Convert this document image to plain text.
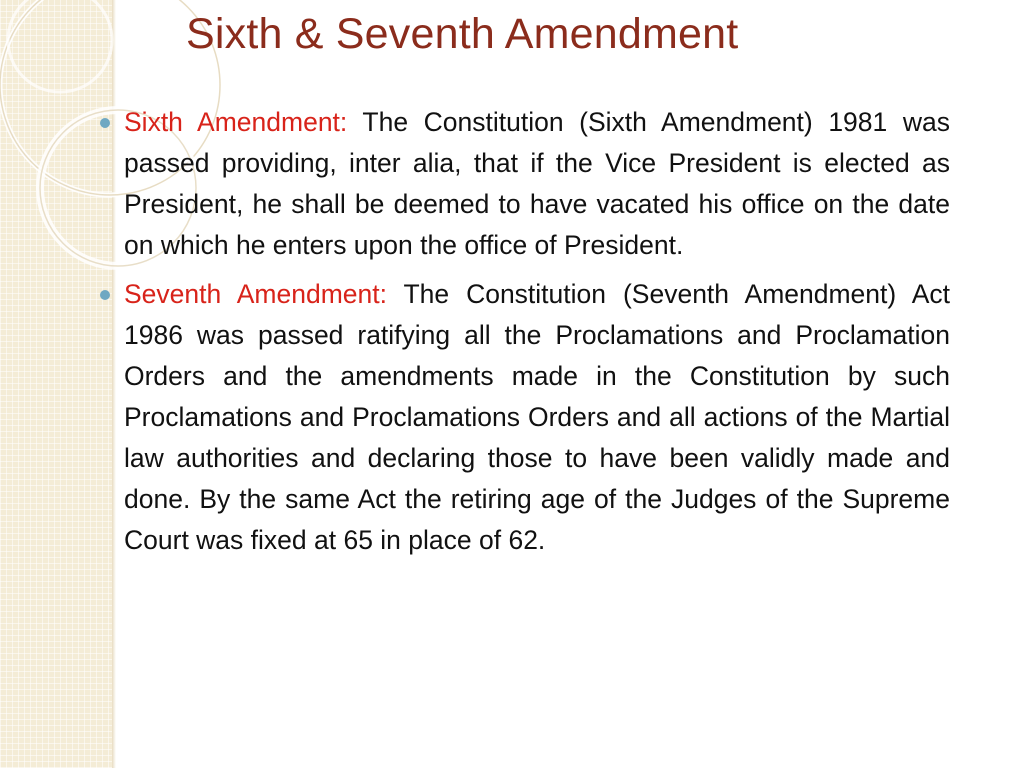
Sixth & Seventh Amendment
Sixth Amendment: The Constitution (Sixth Amendment) 1981 was passed providing, inter alia, that if the Vice President is elected as President, he shall be deemed to have vacated his office on the date on which he enters upon the office of President.
Seventh Amendment: The Constitution (Seventh Amendment) Act 1986 was passed ratifying all the Proclamations and Proclamation Orders and the amendments made in the Constitution by such Proclamations and Proclamations Orders and all actions of the Martial law authorities and declaring those to have been validly made and done. By the same Act the retiring age of the Judges of the Supreme Court was fixed at 65 in place of 62.
